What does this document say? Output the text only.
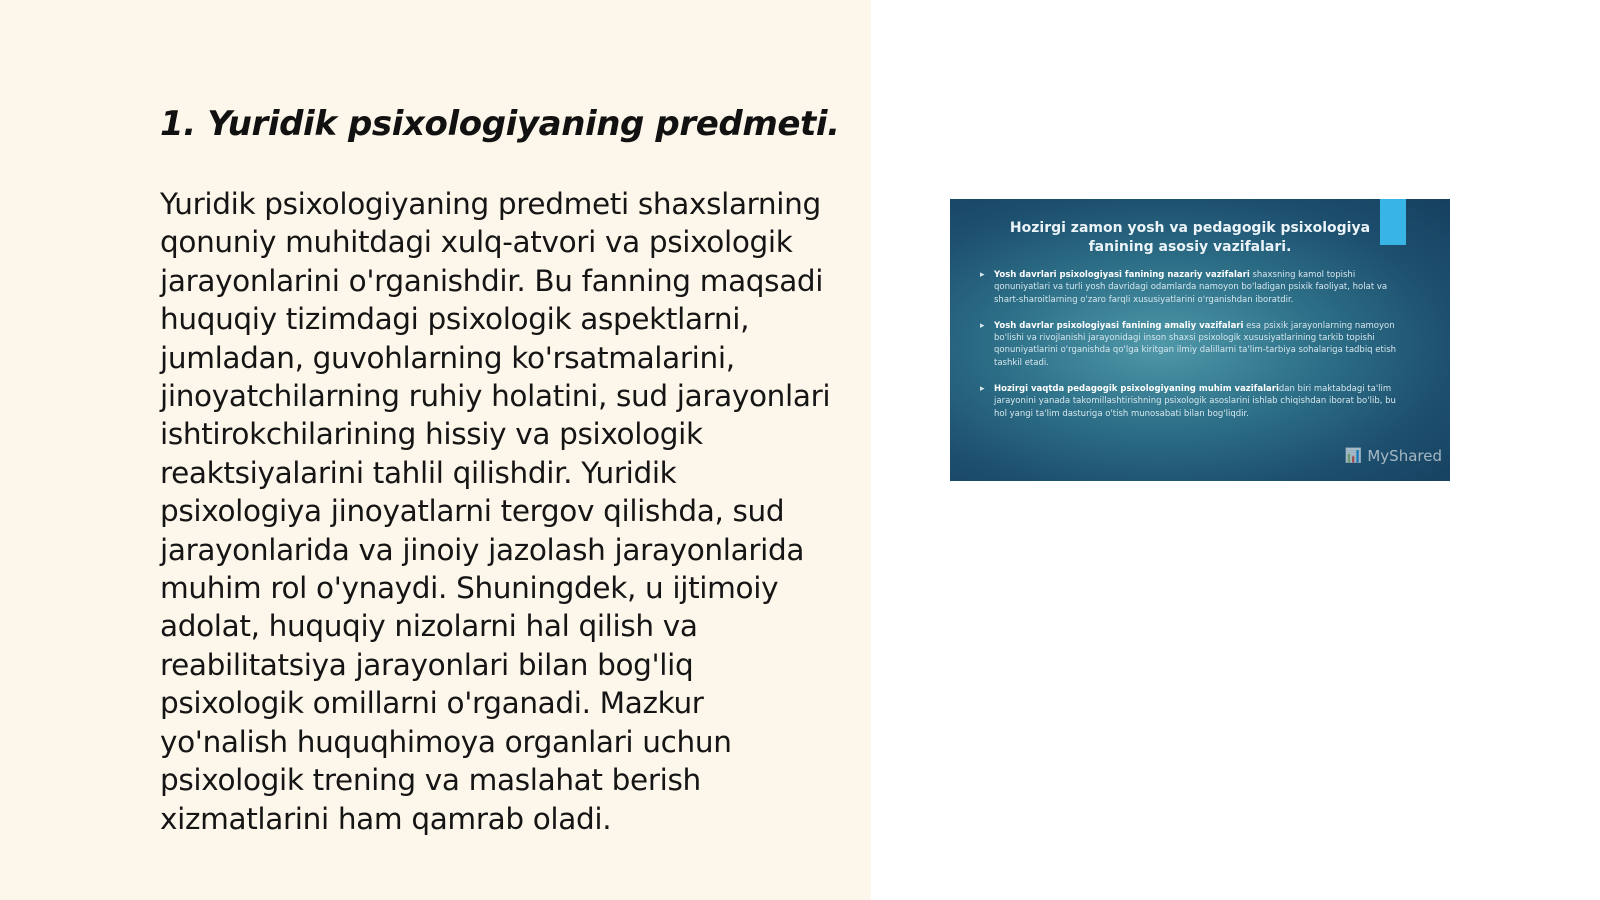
1. Yuridik psixologiyaning predmeti.

Yuridik psixologiyaning predmeti shaxslarning qonuniy muhitdagi xulq-atvori va psixologik jarayonlarini o'rganishdir. Bu fanning maqsadi huquqiy tizimdagi psixologik aspektlarni, jumladan, guvohlarning ko'rsatmalarini, jinoyatchilarning ruhiy holatini, sud jarayonlari ishtirokchilarining hissiy va psixologik reaktsiyalarini tahlil qilishdir. Yuridik psixologiya jinoyatlarni tergov qilishda, sud jarayonlarida va jinoiy jazolash jarayonlarida muhim rol o'ynaydi. Shuningdek, u ijtimoiy adolat, huquqiy nizolarni hal qilish va reabilitatsiya jarayonlari bilan bog'liq psixologik omillarni o'rganadi. Mazkur yo'nalish huquqhimoya organlari uchun psixologik trening va maslahat berish xizmatlarini ham qamrab oladi.

Hozirgi zamon yosh va pedagogik psixologiya fanining asosiy vazifalari.
▸ Yosh davrlari psixologiyasi fanining nazariy vazifalari shaxsning kamol topishi qonuniyatlari va turli yosh davridagi odamlarda namoyon bo'ladigan psixik faoliyat, holat va shart-sharoitlarning o'zaro farqli xususiyatlarini o'rganishdan iboratdir.
▸ Yosh davrlar psixologiyasi fanining amaliy vazifalari esa psixik jarayonlarning namoyon bo'lishi va rivojlanishi jarayonidagi inson shaxsi psixologik xususiyatlarining tarkib topishi qonuniyatlarini o'rganishda qo'lga kiritgan ilmiy dalillarni ta'lim-tarbiya sohalariga tadbiq etish tashkil etadi.
▸ Hozirgi vaqtda pedagogik psixologiyaning muhim vazifalaridan biri maktabdagi ta'lim jarayonini yanada takomillashtirishning psixologik asoslarini ishlab chiqishdan iborat bo'lib, bu hol yangi ta'lim dasturiga o'tish munosabati bilan bog'liqdir.
📊 MyShared
